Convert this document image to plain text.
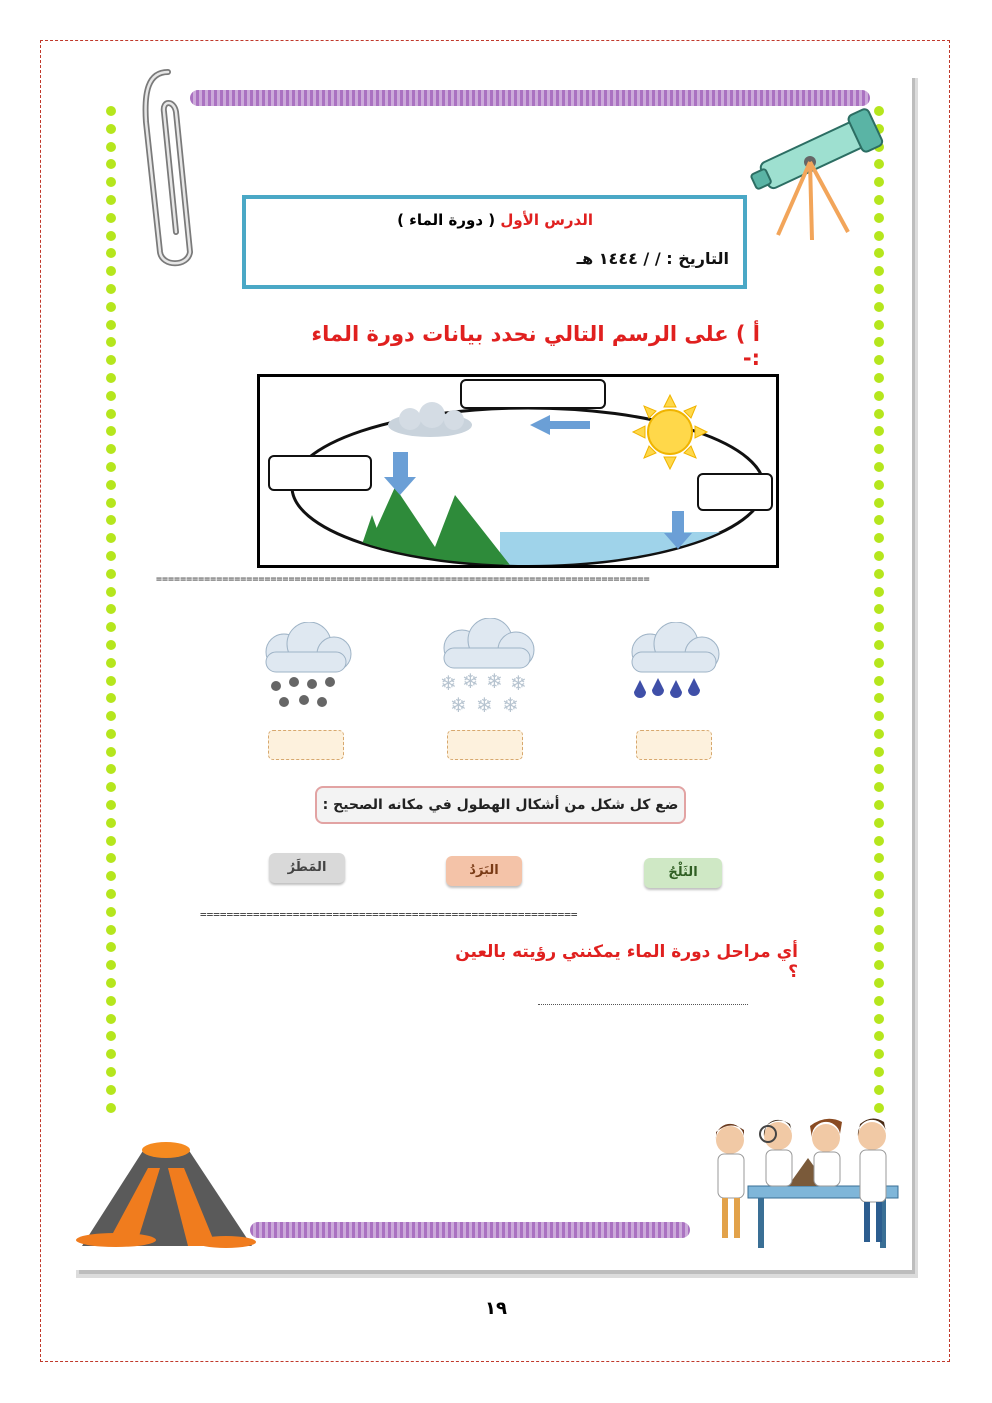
الدرس الأول ( دورة الماء )
التاريخ : / / ١٤٤٤ هـ
أ ) على الرسم التالي نحدد بيانات دورة الماء :-
==================================================================================
❄ ❄ ❄ ❄
❄ ❄ ❄
ضع كل شكل من أشكال الهطول في مكانه الصحيح :
المَطَرُ	البَرَدُ	الثَلْجُ
=========================================================
أي مراحل دورة الماء يمكنني رؤيته بالعين ؟
١٩
